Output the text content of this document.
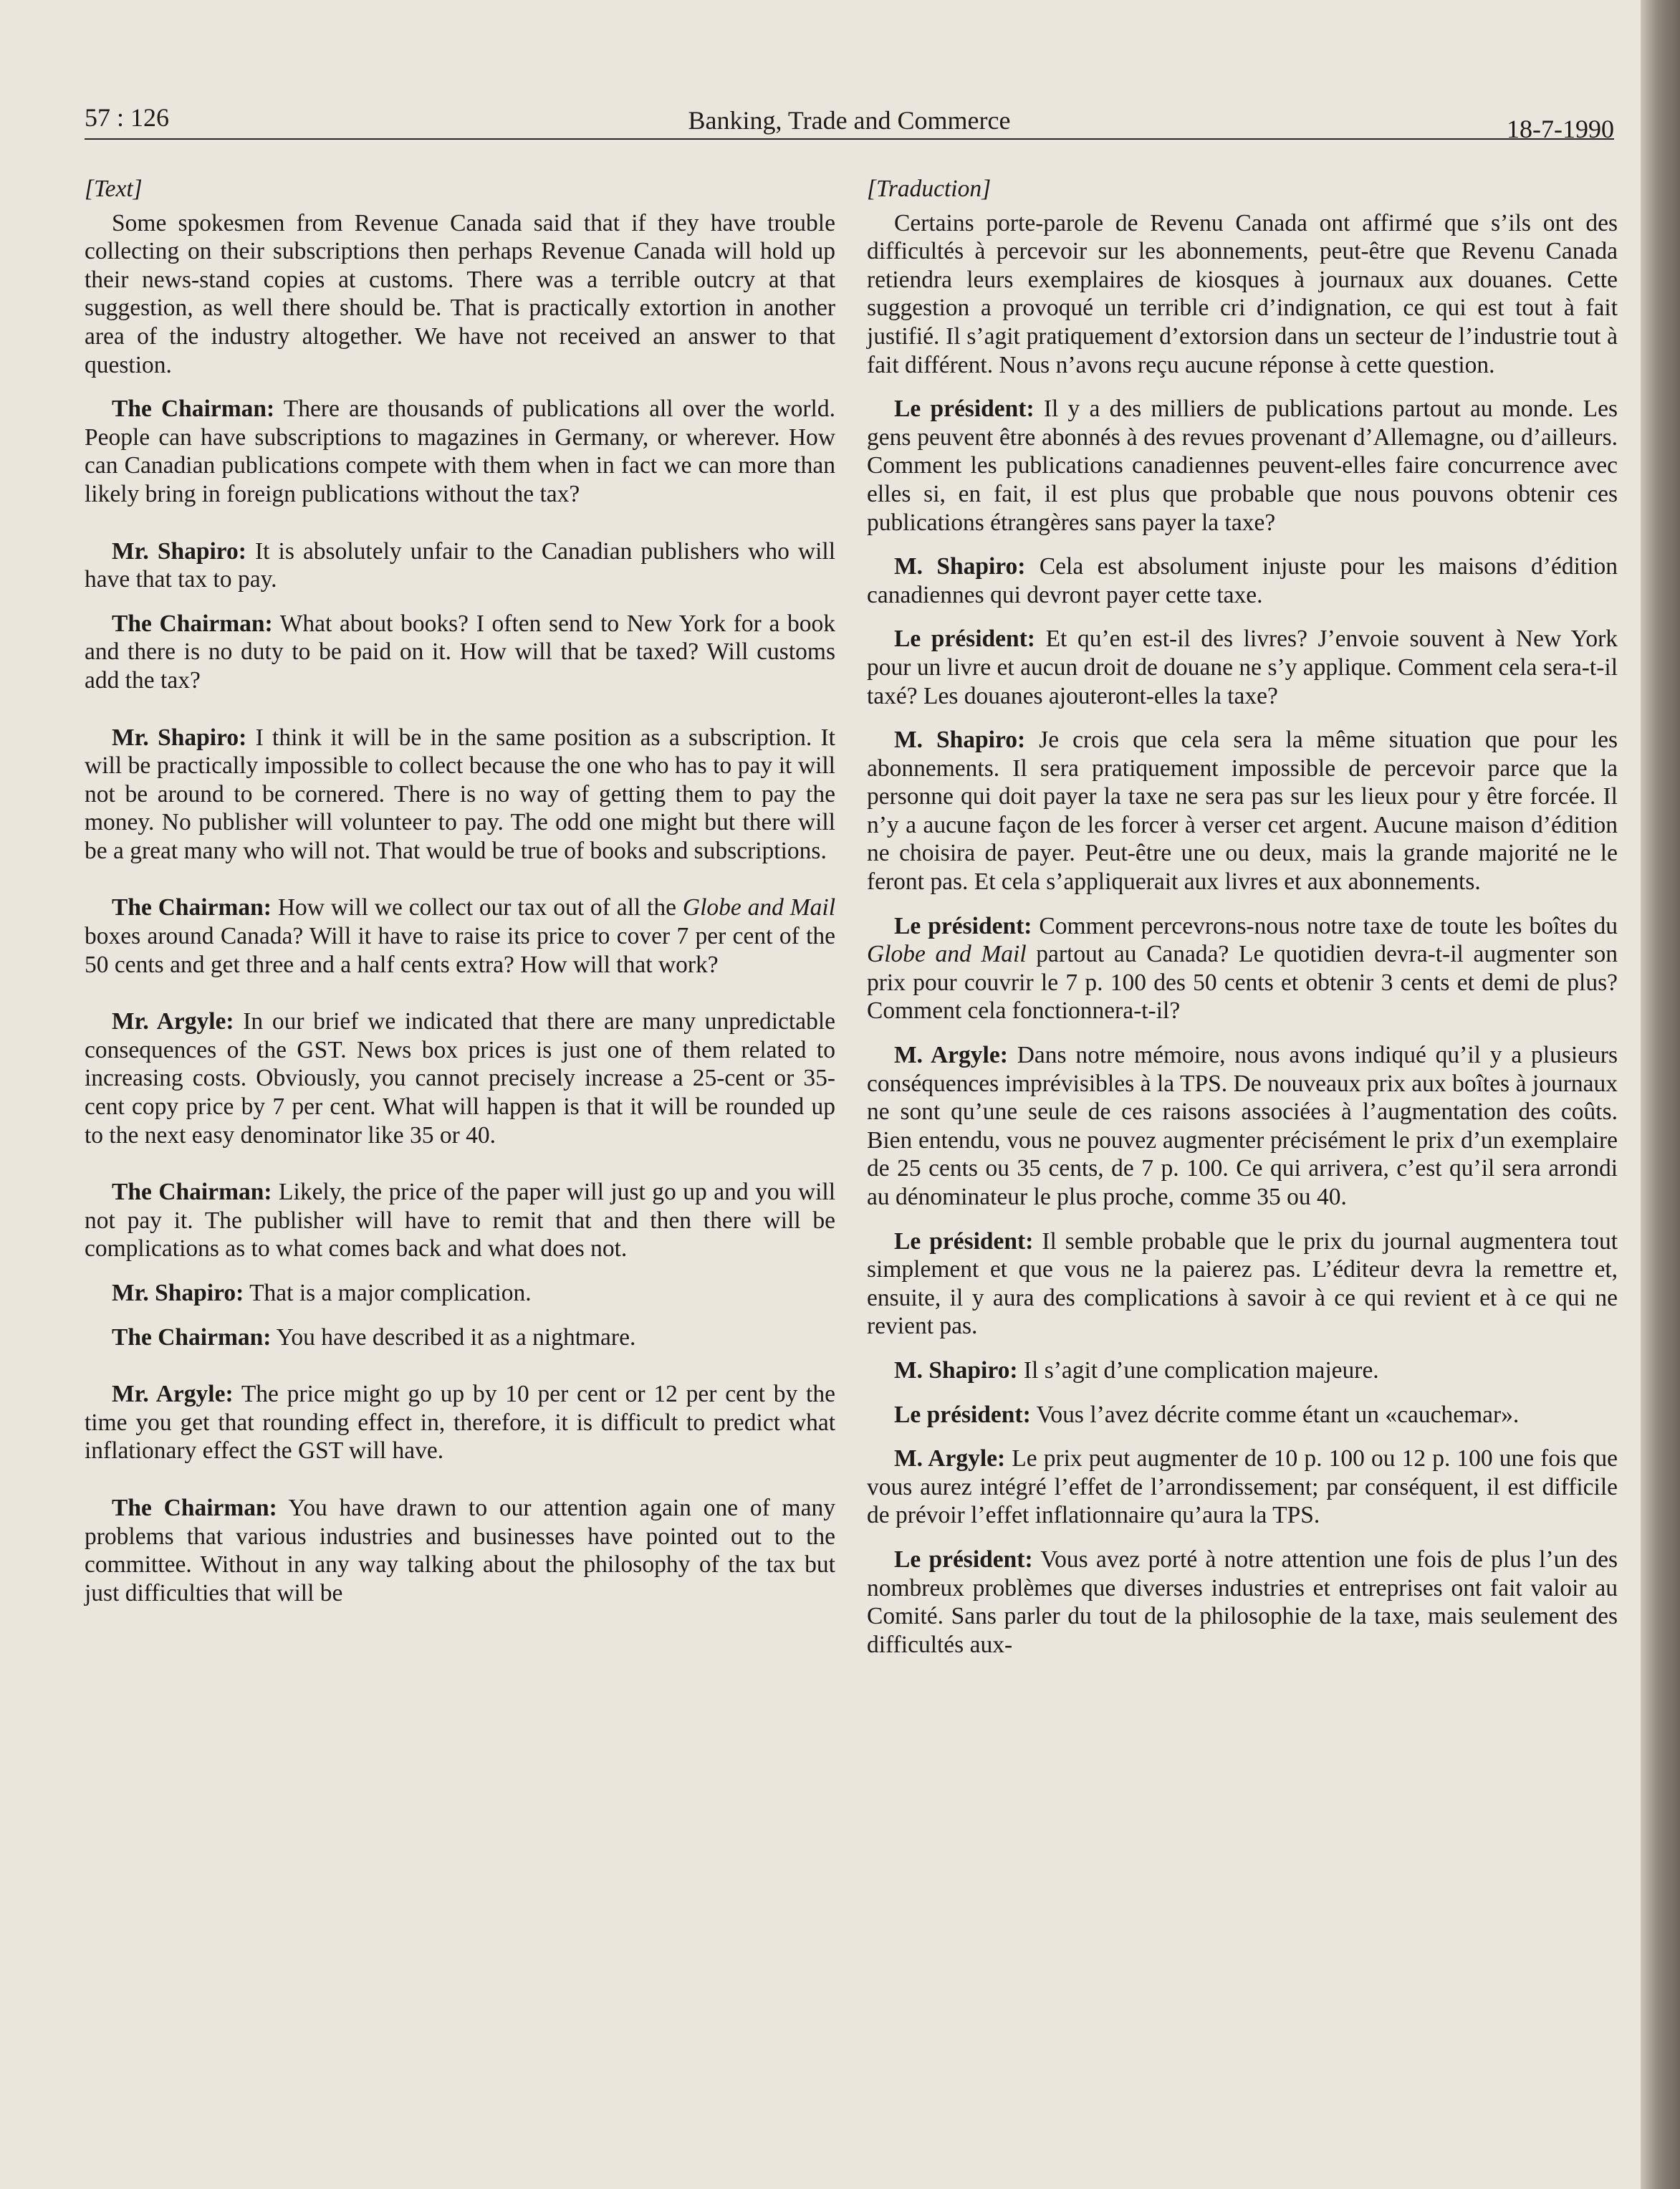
57 : 126	Banking, Trade and Commerce	18-7-1990
[Text]

Some spokesmen from Revenue Canada said that if they have trouble collecting on their subscriptions then perhaps Revenue Canada will hold up their news-stand copies at customs. There was a terrible outcry at that suggestion, as well there should be. That is practically extortion in another area of the industry altogether. We have not received an answer to that question.

The Chairman: There are thousands of publications all over the world. People can have subscriptions to magazines in Germany, or wherever. How can Canadian publications compete with them when in fact we can more than likely bring in foreign publications without the tax?

Mr. Shapiro: It is absolutely unfair to the Canadian publishers who will have that tax to pay.

The Chairman: What about books? I often send to New York for a book and there is no duty to be paid on it. How will that be taxed? Will customs add the tax?

Mr. Shapiro: I think it will be in the same position as a subscription. It will be practically impossible to collect because the one who has to pay it will not be around to be cornered. There is no way of getting them to pay the money. No publisher will volunteer to pay. The odd one might but there will be a great many who will not. That would be true of books and subscriptions.

The Chairman: How will we collect our tax out of all the Globe and Mail boxes around Canada? Will it have to raise its price to cover 7 per cent of the 50 cents and get three and a half cents extra? How will that work?

Mr. Argyle: In our brief we indicated that there are many unpredictable consequences of the GST. News box prices is just one of them related to increasing costs. Obviously, you cannot precisely increase a 25-cent or 35-cent copy price by 7 per cent. What will happen is that it will be rounded up to the next easy denominator like 35 or 40.

The Chairman: Likely, the price of the paper will just go up and you will not pay it. The publisher will have to remit that and then there will be complications as to what comes back and what does not.

Mr. Shapiro: That is a major complication.

The Chairman: You have described it as a nightmare.

Mr. Argyle: The price might go up by 10 per cent or 12 per cent by the time you get that rounding effect in, therefore, it is difficult to predict what inflationary effect the GST will have.

The Chairman: You have drawn to our attention again one of many problems that various industries and businesses have pointed out to the committee. Without in any way talking about the philosophy of the tax but just difficulties that will be

[Traduction]

Certains porte-parole de Revenu Canada ont affirmé que s’ils ont des difficultés à percevoir sur les abonnements, peut-être que Revenu Canada retiendra leurs exemplaires de kiosques à journaux aux douanes. Cette suggestion a provoqué un terrible cri d’indignation, ce qui est tout à fait justifié. Il s’agit pratiquement d’extorsion dans un secteur de l’industrie tout à fait différent. Nous n’avons reçu aucune réponse à cette question.

Le président: Il y a des milliers de publications partout au monde. Les gens peuvent être abonnés à des revues provenant d’Allemagne, ou d’ailleurs. Comment les publications canadiennes peuvent-elles faire concurrence avec elles si, en fait, il est plus que probable que nous pouvons obtenir ces publications étrangères sans payer la taxe?

M. Shapiro: Cela est absolument injuste pour les maisons d’édition canadiennes qui devront payer cette taxe.

Le président: Et qu’en est-il des livres? J’envoie souvent à New York pour un livre et aucun droit de douane ne s’y applique. Comment cela sera-t-il taxé? Les douanes ajouteront-elles la taxe?

M. Shapiro: Je crois que cela sera la même situation que pour les abonnements. Il sera pratiquement impossible de percevoir parce que la personne qui doit payer la taxe ne sera pas sur les lieux pour y être forcée. Il n’y a aucune façon de les forcer à verser cet argent. Aucune maison d’édition ne choisira de payer. Peut-être une ou deux, mais la grande majorité ne le feront pas. Et cela s’appliquerait aux livres et aux abonnements.

Le président: Comment percevrons-nous notre taxe de toute les boîtes du Globe and Mail partout au Canada? Le quotidien devra-t-il augmenter son prix pour couvrir le 7 p. 100 des 50 cents et obtenir 3 cents et demi de plus? Comment cela fonctionnera-t-il?

M. Argyle: Dans notre mémoire, nous avons indiqué qu’il y a plusieurs conséquences imprévisibles à la TPS. De nouveaux prix aux boîtes à journaux ne sont qu’une seule de ces raisons associées à l’augmentation des coûts. Bien entendu, vous ne pouvez augmenter précisément le prix d’un exemplaire de 25 cents ou 35 cents, de 7 p. 100. Ce qui arrivera, c’est qu’il sera arrondi au dénominateur le plus proche, comme 35 ou 40.

Le président: Il semble probable que le prix du journal augmentera tout simplement et que vous ne la paierez pas. L’éditeur devra la remettre et, ensuite, il y aura des complications à savoir à ce qui revient et à ce qui ne revient pas.

M. Shapiro: Il s’agit d’une complication majeure.

Le président: Vous l’avez décrite comme étant un «cauchemar».

M. Argyle: Le prix peut augmenter de 10 p. 100 ou 12 p. 100 une fois que vous aurez intégré l’effet de l’arrondissement; par conséquent, il est difficile de prévoir l’effet inflationnaire qu’aura la TPS.

Le président: Vous avez porté à notre attention une fois de plus l’un des nombreux problèmes que diverses industries et entreprises ont fait valoir au Comité. Sans parler du tout de la philosophie de la taxe, mais seulement des difficultés aux-
